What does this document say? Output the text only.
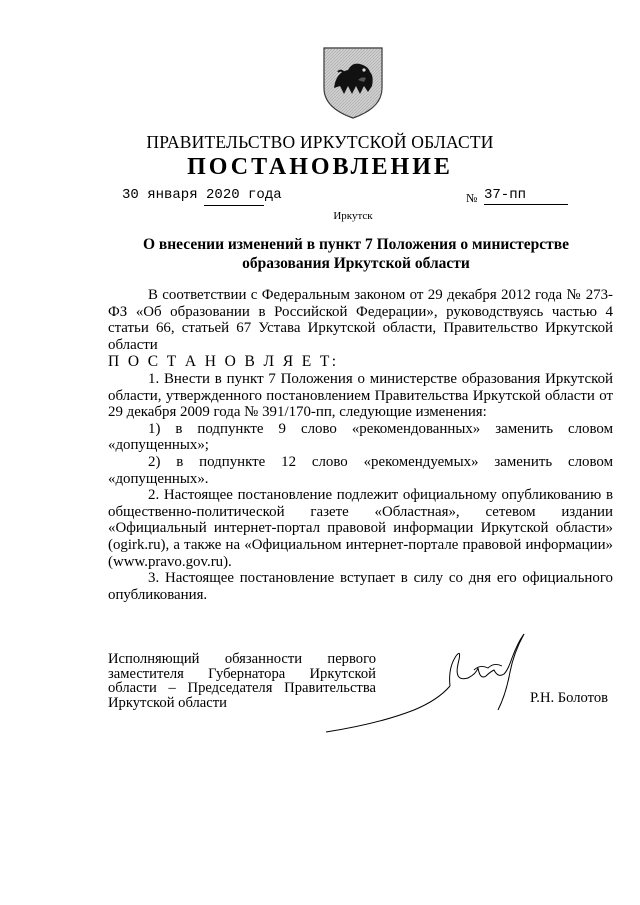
ПРАВИТЕЛЬСТВО ИРКУТСКОЙ ОБЛАСТИ
ПОСТАНОВЛЕНИЕ
30 января 2020 года	№ 37-пп
Иркутск
О внесении изменений в пункт 7 Положения о министерстве
образования Иркутской области

В соответствии с Федеральным законом от 29 декабря 2012 года № 273-ФЗ «Об образовании в Российской Федерации», руководствуясь частью 4 статьи 66, статьей 67 Устава Иркутской области, Правительство Иркутской области

П О С Т А Н О В Л Я Е Т:

1. Внести в пункт 7 Положения о министерстве образования Иркутской области, утвержденного постановлением Правительства Иркутской области от 29 декабря 2009 года № 391/170-пп, следующие изменения:

1) в подпункте 9 слово «рекомендованных» заменить словом «допущенных»;

2) в подпункте 12 слово «рекомендуемых» заменить словом «допущенных».

2. Настоящее постановление подлежит официальному опубликованию в общественно-политической газете «Областная», сетевом издании «Официальный интернет-портал правовой информации Иркутской области» (ogirk.ru), а также на «Официальном интернет-портале правовой информации» (www.pravo.gov.ru).

3. Настоящее постановление вступает в силу со дня его официального опубликования.

Исполняющий обязанности первого
заместителя Губернатора Иркутской
области – Председателя Правительства
Иркутской области	Р.Н. Болотов
